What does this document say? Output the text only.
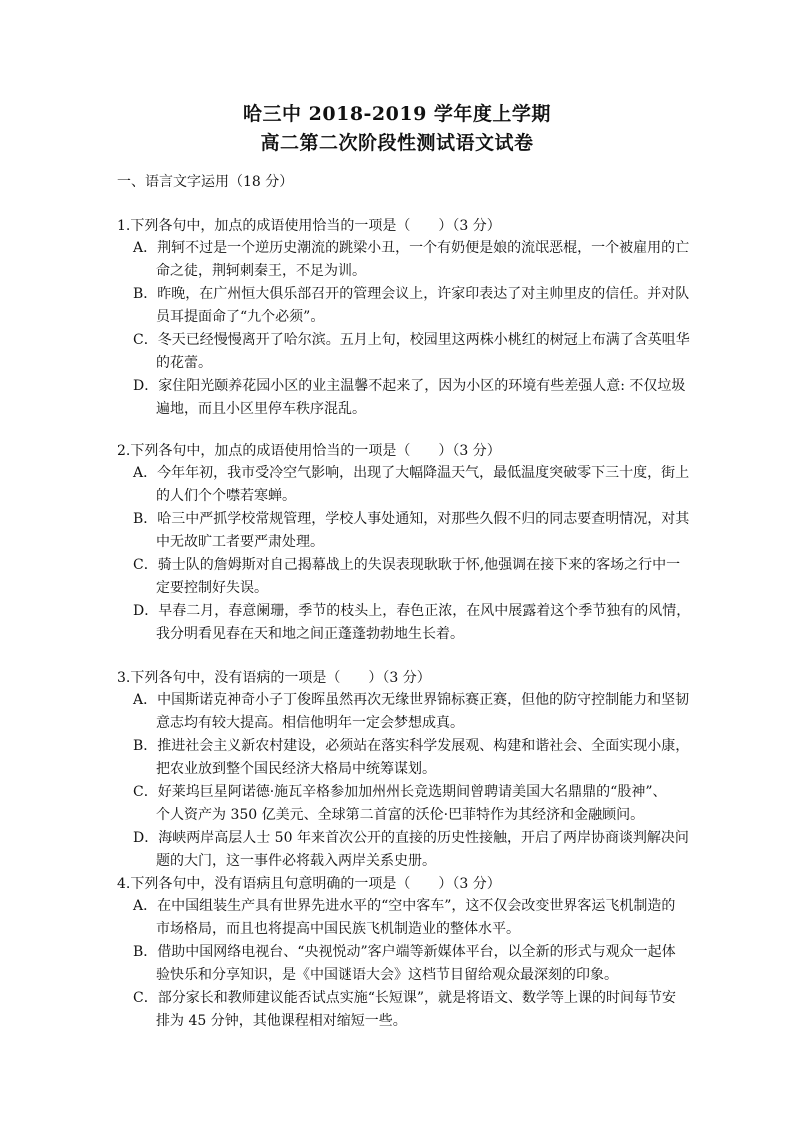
哈三中 2018-2019 学年度上学期
高二第二次阶段性测试语文试卷
一、语言文字运用（18 分）
1.下列各句中，加点的成语使用恰当的一项是（　　）（3 分）
A．荆轲不过是一个逆历史潮流的跳梁小丑，一个有奶便是娘的流氓恶棍，一个被雇用的亡
命之徒，荆轲刺秦王，不足为训。
B．昨晚，在广州恒大俱乐部召开的管理会议上，许家印表达了对主帅里皮的信任。并对队
员耳提面命了“九个必须”。
C．冬天已经慢慢离开了哈尔滨。五月上旬，校园里这两株小桃红的树冠上布满了含英咀华
的花蕾。
D．家住阳光颐养花园小区的业主温馨不起来了，因为小区的环境有些差强人意: 不仅垃圾
遍地，而且小区里停车秩序混乱。
2.下列各句中，加点的成语使用恰当的一项是（　　）（3 分）
A．今年年初，我市受冷空气影响，出现了大幅降温天气，最低温度突破零下三十度，街上
的人们个个噤若寒蝉。
B．哈三中严抓学校常规管理，学校人事处通知，对那些久假不归的同志要查明情况，对其
中无故旷工者要严肃处理。
C．骑士队的詹姆斯对自己揭幕战上的失误表现耿耿于怀,他强调在接下来的客场之行中一
定要控制好失误。
D．早春二月，春意阑珊，季节的枝头上，春色正浓，在风中展露着这个季节独有的风情，
我分明看见春在天和地之间正蓬蓬勃勃地生长着。
3.下列各句中，没有语病的一项是（　　）（3 分）
A．中国斯诺克神奇小子丁俊晖虽然再次无缘世界锦标赛正赛，但他的防守控制能力和坚韧
意志均有较大提高。相信他明年一定会梦想成真。
B．推进社会主义新农村建设，必须站在落实科学发展观、构建和谐社会、全面实现小康，
把农业放到整个国民经济大格局中统筹谋划。
C．好莱坞巨星阿诺德·施瓦辛格参加加州州长竞选期间曾聘请美国大名鼎鼎的“股神”、
个人资产为 350 亿美元、全球第二首富的沃伦·巴菲特作为其经济和金融顾问。
D．海峡两岸高层人士 50 年来首次公开的直接的历史性接触，开启了两岸协商谈判解决问
题的大门，这一事件必将载入两岸关系史册。
4.下列各句中，没有语病且句意明确的一项是（　　）（3 分）
A．在中国组装生产具有世界先进水平的“空中客车”，这不仅会改变世界客运飞机制造的
市场格局，而且也将提高中国民族飞机制造业的整体水平。
B．借助中国网络电视台、“央视悦动”客户端等新媒体平台，以全新的形式与观众一起体
验快乐和分享知识，是《中国谜语大会》这档节目留给观众最深刻的印象。
C．部分家长和教师建议能否试点实施“长短课”，就是将语文、数学等上课的时间每节安
排为 45 分钟，其他课程相对缩短一些。
